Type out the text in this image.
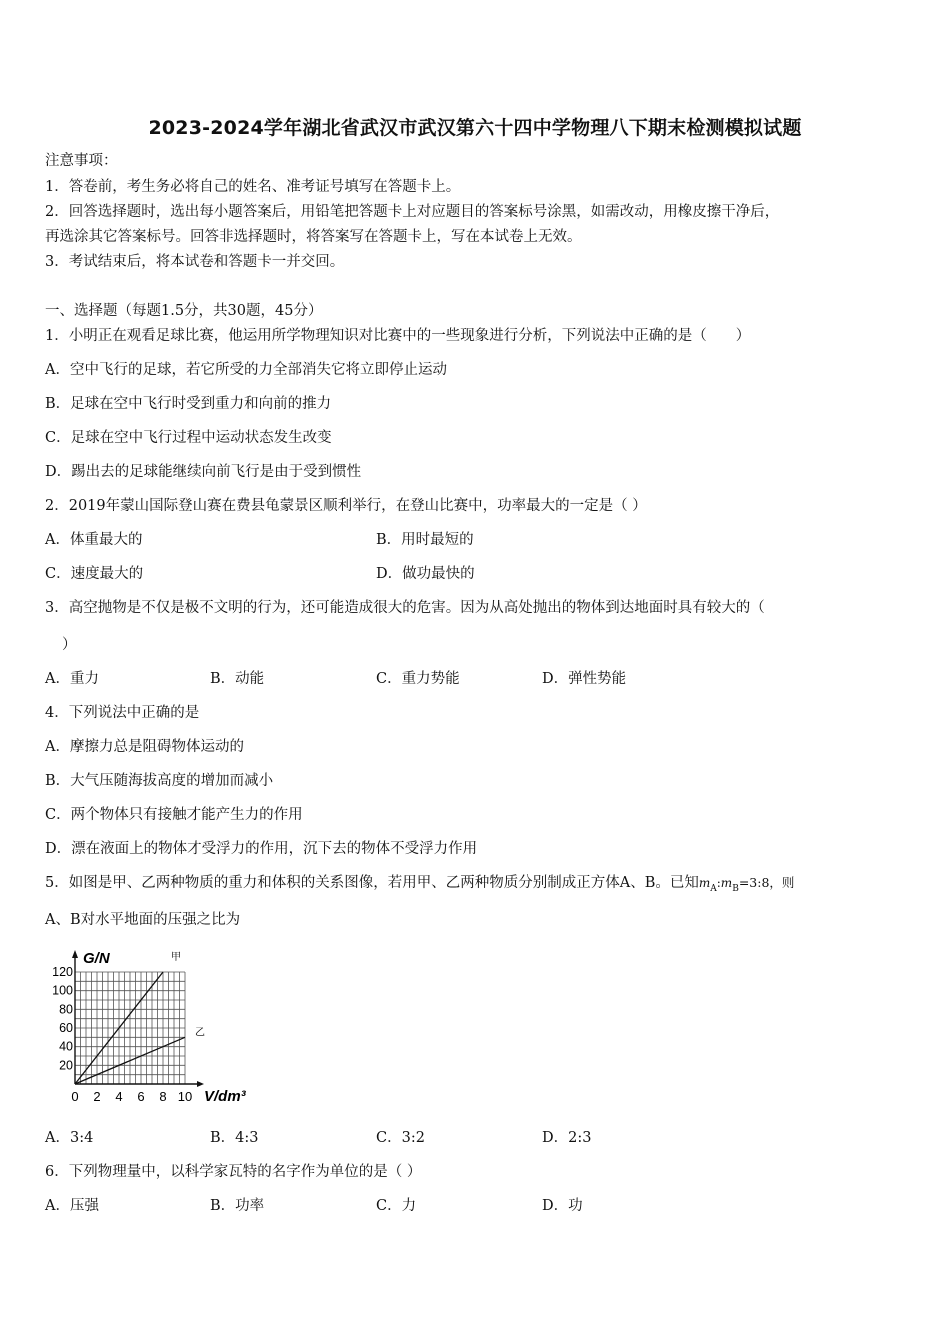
2023-2024学年湖北省武汉市武汉第六十四中学物理八下期末检测模拟试题
注意事项：
1．答卷前，考生务必将自己的姓名、准考证号填写在答题卡上。
2．回答选择题时，选出每小题答案后，用铅笔把答题卡上对应题目的答案标号涂黑，如需改动，用橡皮擦干净后，
再选涂其它答案标号。回答非选择题时，将答案写在答题卡上，写在本试卷上无效。
3．考试结束后，将本试卷和答题卡一并交回。
一、选择题（每题1.5分，共30题，45分）
1．小明正在观看足球比赛，他运用所学物理知识对比赛中的一些现象进行分析，下列说法中正确的是（　　）
A．空中飞行的足球，若它所受的力全部消失它将立即停止运动
B．足球在空中飞行时受到重力和向前的推力
C．足球在空中飞行过程中运动状态发生改变
D．踢出去的足球能继续向前飞行是由于受到惯性
2．2019年蒙山国际登山赛在费县龟蒙景区顺利举行，在登山比赛中，功率最大的一定是（ ）
A．体重最大的	B．用时最短的
C．速度最大的	D．做功最快的
3．高空抛物是不仅是极不文明的行为，还可能造成很大的危害。因为从高处抛出的物体到达地面时具有较大的（
）
A．重力	B．动能	C．重力势能	D．弹性势能
4．下列说法中正确的是
A．摩擦力总是阻碍物体运动的
B．大气压随海拔高度的增加而减小
C．两个物体只有接触才能产生力的作用
D．漂在液面上的物体才受浮力的作用，沉下去的物体不受浮力作用
5．如图是甲、乙两种物质的重力和体积的关系图像，若用甲、乙两种物质分别制成正方体A、B。已知$m_A:m_B=3:8$，则
A、B对水平地面的压强之比为
0 2 4 6 8 10
20
40
60
80
100
120
甲
乙
G/N
V/dm³
A．3:4	B．4:3	C．3:2	D．2:3
6．下列物理量中，以科学家瓦特的名字作为单位的是（ ）
A．压强	B．功率	C．力	D．功
